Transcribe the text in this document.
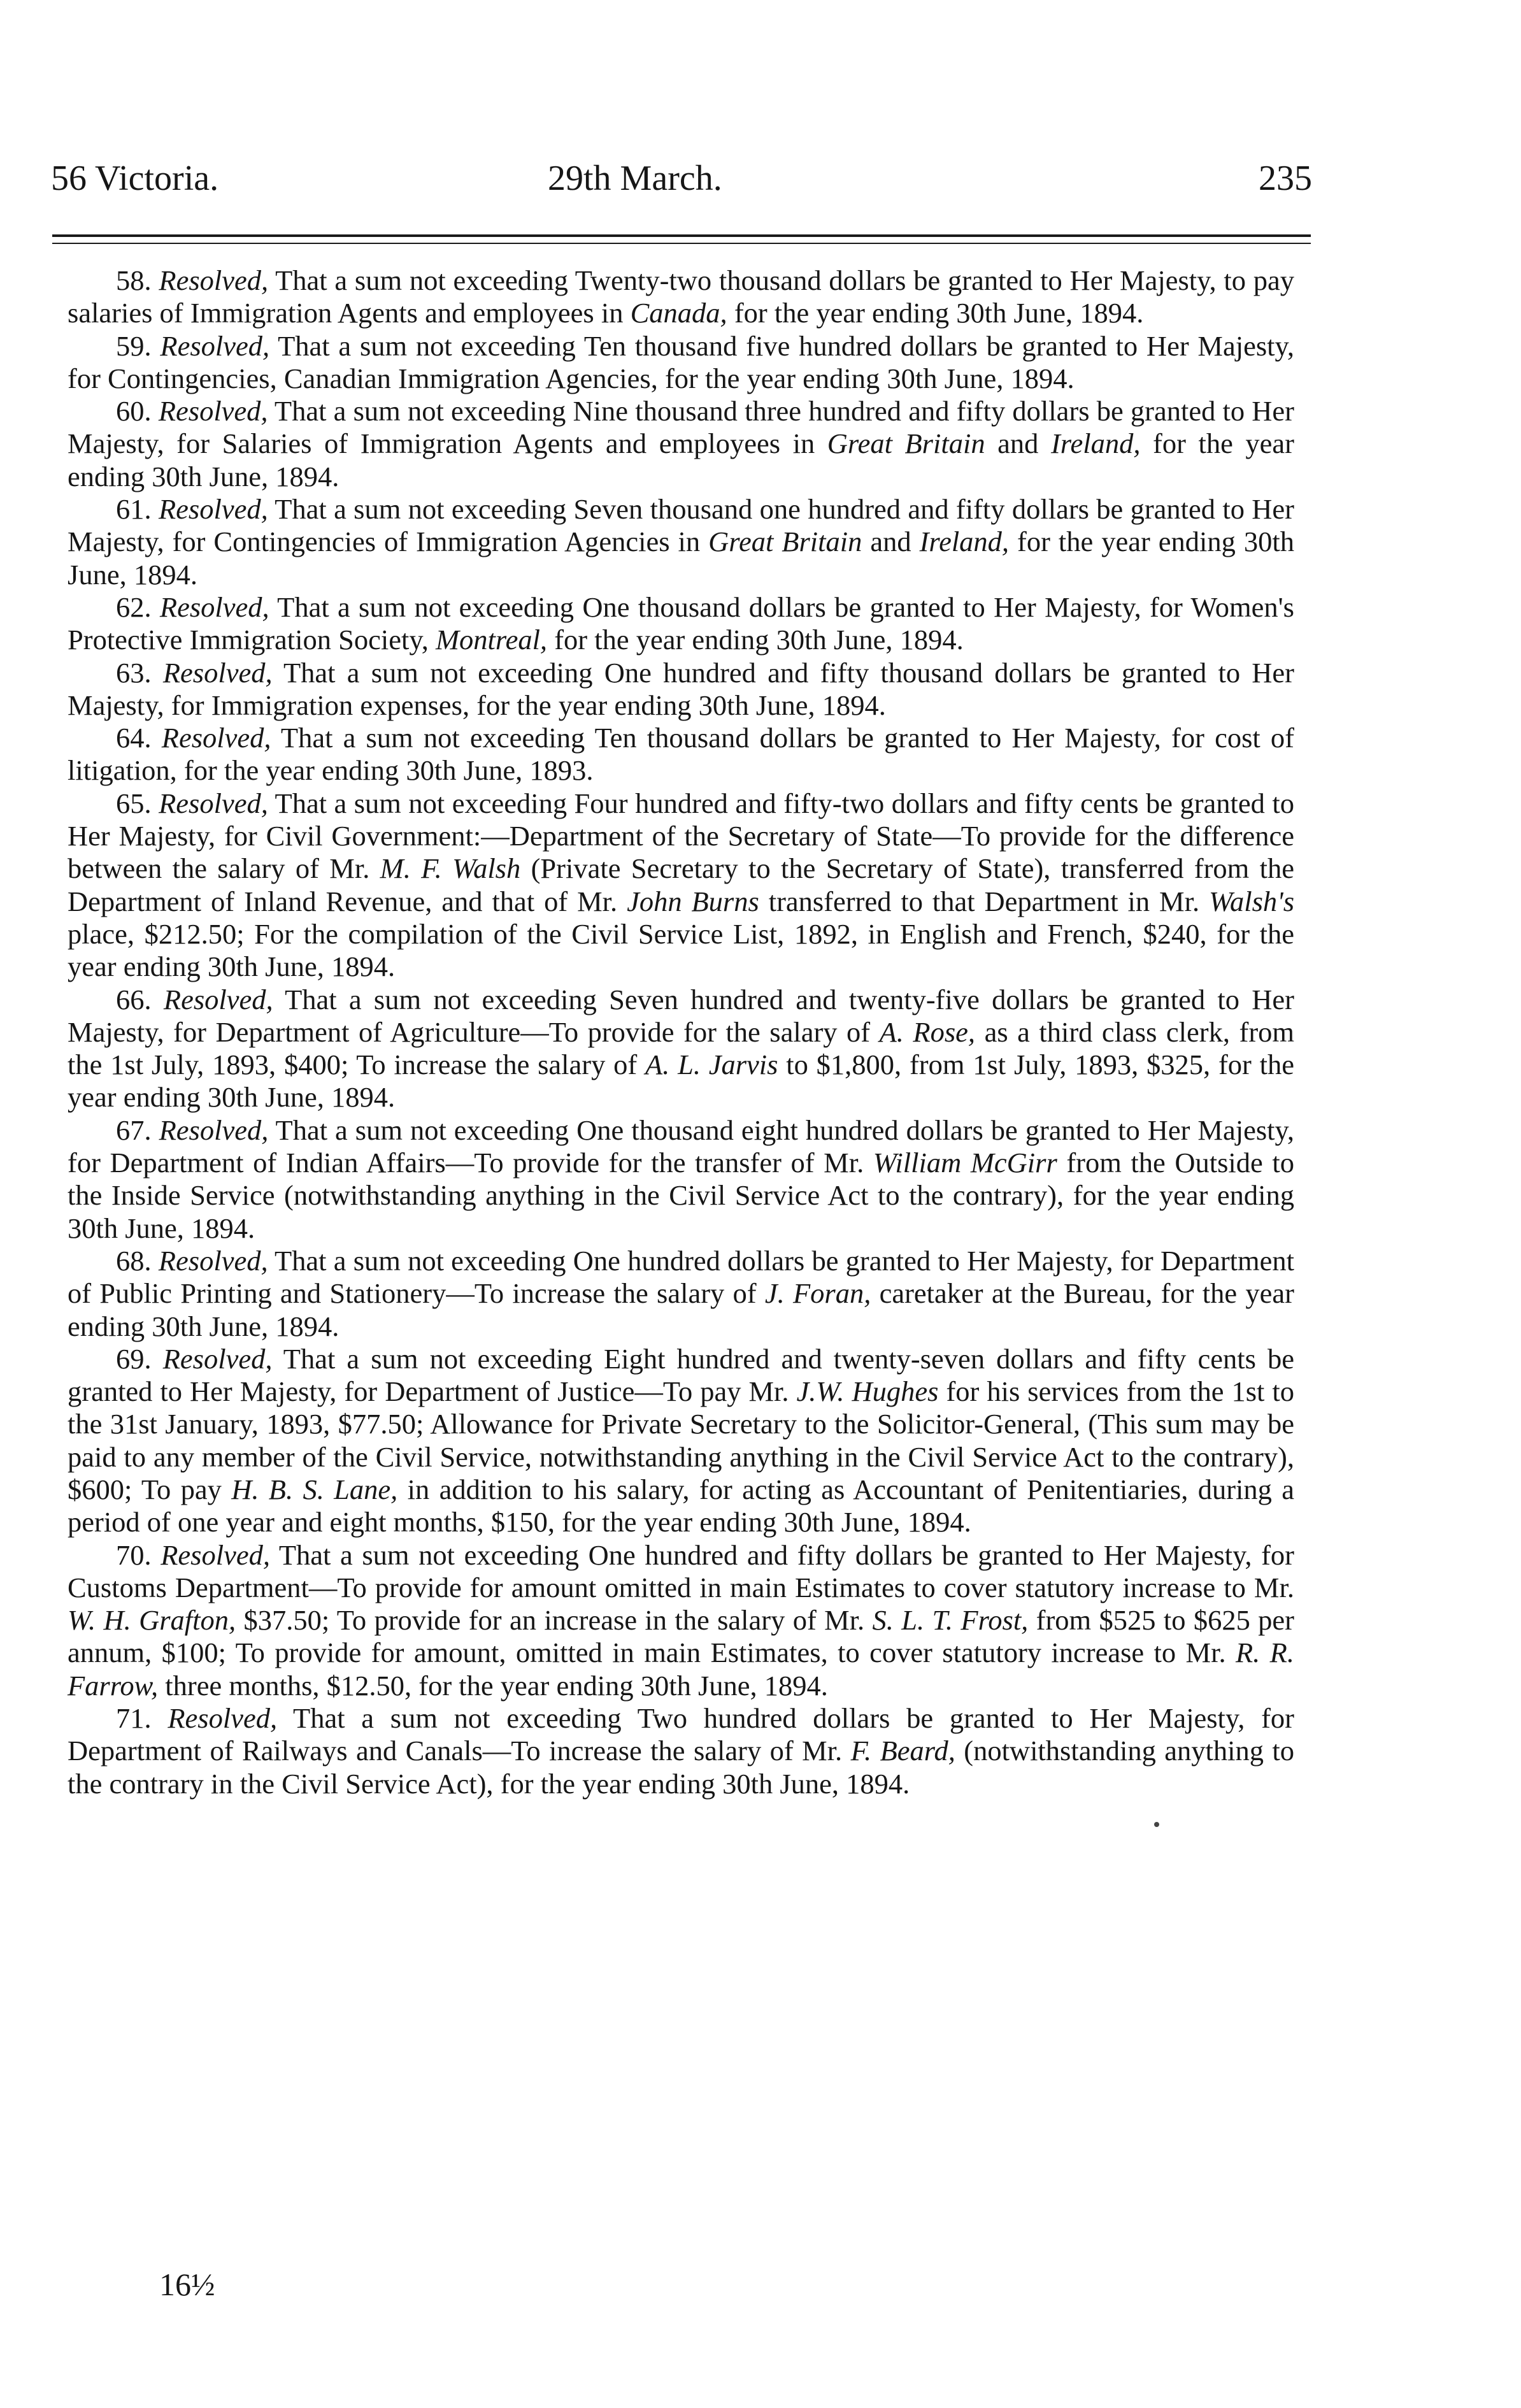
56 Victoria.	29th March.	235

58. Resolved, That a sum not exceeding Twenty-two thousand dollars be granted to Her Majesty, to pay salaries of Immigration Agents and employees in Canada, for the year ending 30th June, 1894.

59. Resolved, That a sum not exceeding Ten thousand five hundred dollars be granted to Her Majesty, for Contingencies, Canadian Immigration Agencies, for the year ending 30th June, 1894.

60. Resolved, That a sum not exceeding Nine thousand three hundred and fifty dollars be granted to Her Majesty, for Salaries of Immigration Agents and employees in Great Britain and Ireland, for the year ending 30th June, 1894.

61. Resolved, That a sum not exceeding Seven thousand one hundred and fifty dollars be granted to Her Majesty, for Contingencies of Immigration Agencies in Great Britain and Ireland, for the year ending 30th June, 1894.

62. Resolved, That a sum not exceeding One thousand dollars be granted to Her Majesty, for Women's Protective Immigration Society, Montreal, for the year ending 30th June, 1894.

63. Resolved, That a sum not exceeding One hundred and fifty thousand dollars be granted to Her Majesty, for Immigration expenses, for the year ending 30th June, 1894.

64. Resolved, That a sum not exceeding Ten thousand dollars be granted to Her Majesty, for cost of litigation, for the year ending 30th June, 1893.

65. Resolved, That a sum not exceeding Four hundred and fifty-two dollars and fifty cents be granted to Her Majesty, for Civil Government:—Department of the Secretary of State—To provide for the difference between the salary of Mr. M. F. Walsh (Private Secretary to the Secretary of State), transferred from the Department of Inland Revenue, and that of Mr. John Burns transferred to that Department in Mr. Walsh's place, $212.50; For the compilation of the Civil Service List, 1892, in English and French, $240, for the year ending 30th June, 1894.

66. Resolved, That a sum not exceeding Seven hundred and twenty-five dollars be granted to Her Majesty, for Department of Agriculture—To provide for the salary of A. Rose, as a third class clerk, from the 1st July, 1893, $400; To increase the salary of A. L. Jarvis to $1,800, from 1st July, 1893, $325, for the year ending 30th June, 1894.

67. Resolved, That a sum not exceeding One thousand eight hundred dollars be granted to Her Majesty, for Department of Indian Affairs—To provide for the transfer of Mr. William McGirr from the Outside to the Inside Service (notwithstanding anything in the Civil Service Act to the contrary), for the year ending 30th June, 1894.

68. Resolved, That a sum not exceeding One hundred dollars be granted to Her Majesty, for Department of Public Printing and Stationery—To increase the salary of J. Foran, caretaker at the Bureau, for the year ending 30th June, 1894.

69. Resolved, That a sum not exceeding Eight hundred and twenty-seven dollars and fifty cents be granted to Her Majesty, for Department of Justice—To pay Mr. J.W. Hughes for his services from the 1st to the 31st January, 1893, $77.50; Allowance for Private Secretary to the Solicitor-General, (This sum may be paid to any member of the Civil Service, notwithstanding anything in the Civil Service Act to the contrary), $600; To pay H. B. S. Lane, in addition to his salary, for acting as Accountant of Penitentiaries, during a period of one year and eight months, $150, for the year ending 30th June, 1894.

70. Resolved, That a sum not exceeding One hundred and fifty dollars be granted to Her Majesty, for Customs Department—To provide for amount omitted in main Estimates to cover statutory increase to Mr. W. H. Grafton, $37.50; To provide for an increase in the salary of Mr. S. L. T. Frost, from $525 to $625 per annum, $100; To provide for amount, omitted in main Estimates, to cover statutory increase to Mr. R. R. Farrow, three months, $12.50, for the year ending 30th June, 1894.

71. Resolved, That a sum not exceeding Two hundred dollars be granted to Her Majesty, for Department of Railways and Canals—To increase the salary of Mr. F. Beard, (notwithstanding anything to the contrary in the Civil Service Act), for the year ending 30th June, 1894.

16½
